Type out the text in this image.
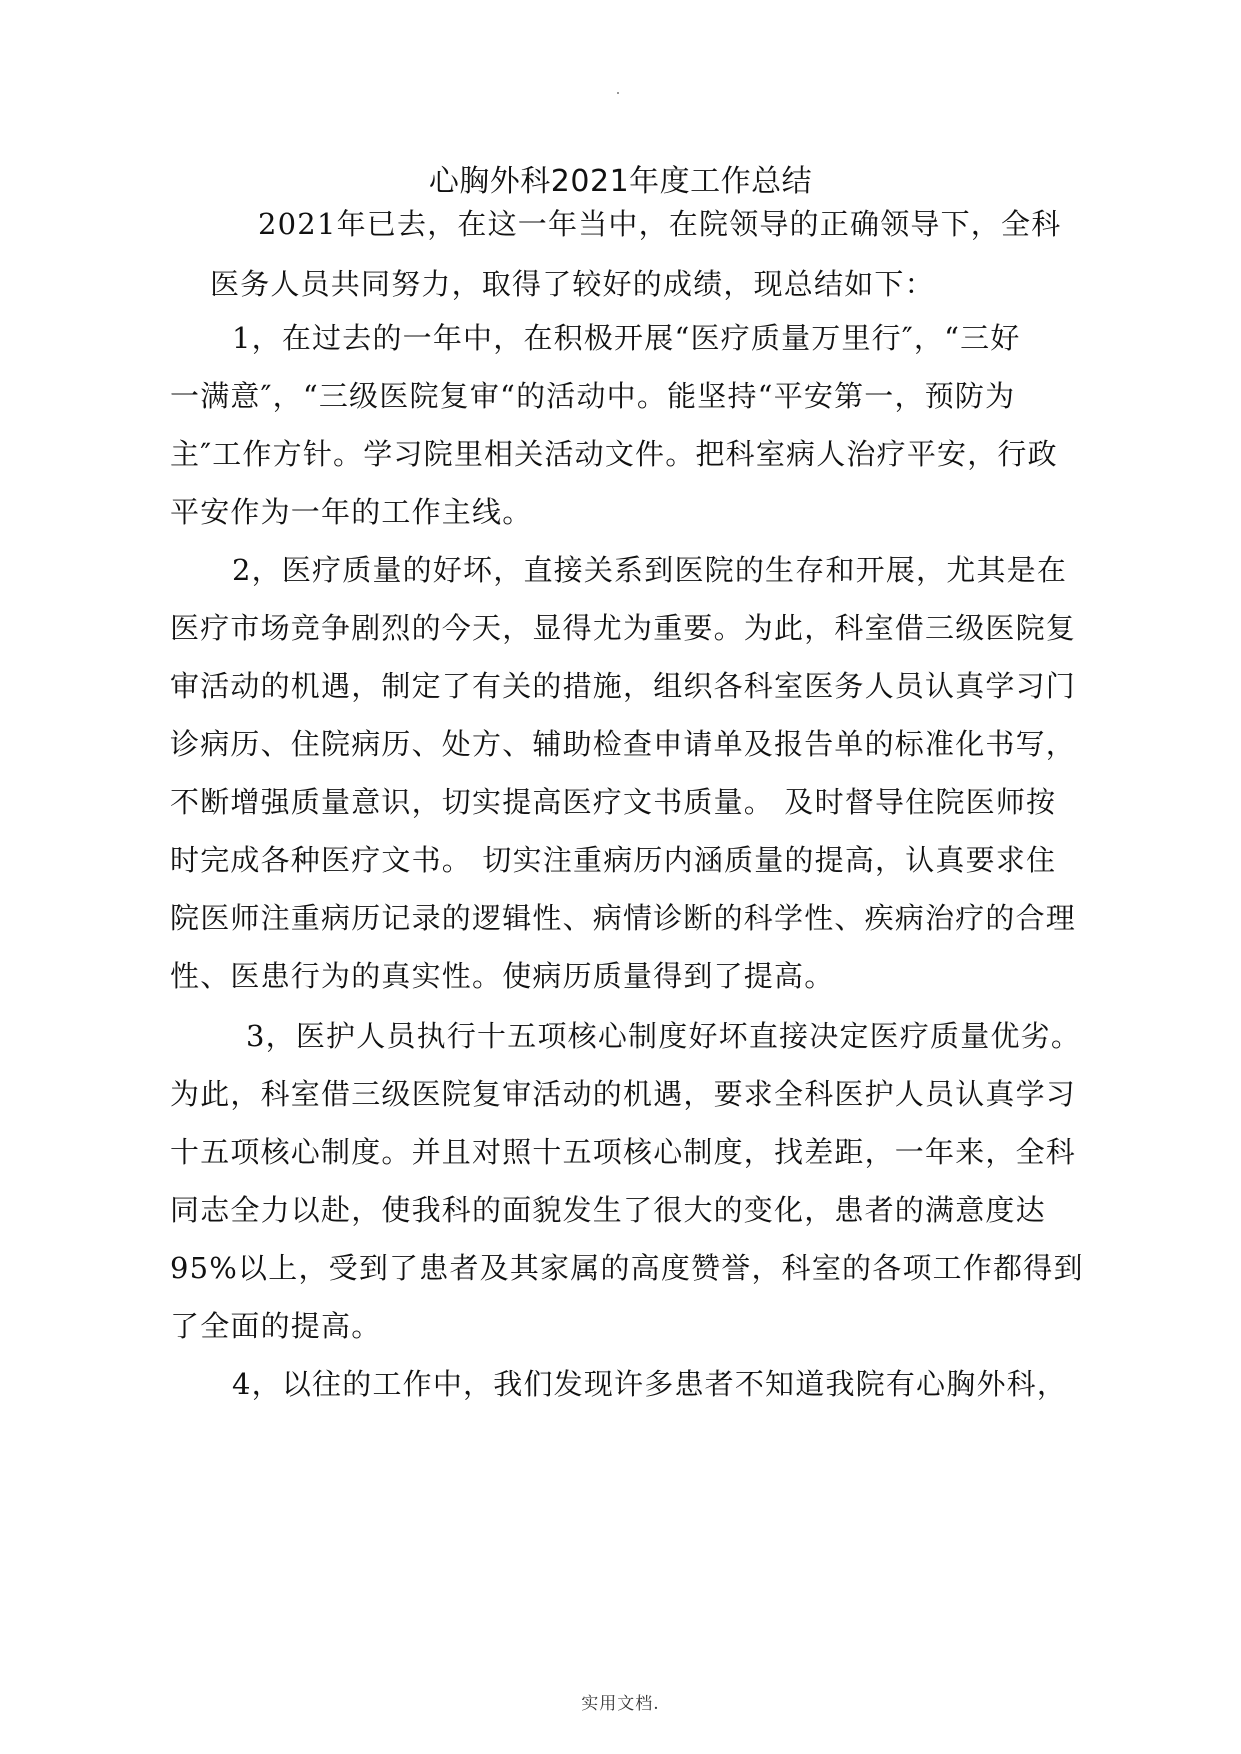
心胸外科2021年度工作总结
2021年已去，在这一年当中，在院领导的正确领导下，全科
医务人员共同努力，取得了较好的成绩，现总结如下：
1，在过去的一年中，在积极开展“医疗质量万里行″，“三好
一满意″，“三级医院复审“的活动中。能坚持“平安第一，预防为
主″工作方针。学习院里相关活动文件。把科室病人治疗平安，行政
平安作为一年的工作主线。
2，医疗质量的好坏，直接关系到医院的生存和开展，尤其是在
医疗市场竞争剧烈的今天，显得尤为重要。为此，科室借三级医院复
审活动的机遇，制定了有关的措施，组织各科室医务人员认真学习门
诊病历、住院病历、处方、辅助检查申请单及报告单的标准化书写，
不断增强质量意识，切实提高医疗文书质量。 及时督导住院医师按
时完成各种医疗文书。 切实注重病历内涵质量的提高，认真要求住
院医师注重病历记录的逻辑性、病情诊断的科学性、疾病治疗的合理
性、医患行为的真实性。使病历质量得到了提高。
3，医护人员执行十五项核心制度好坏直接决定医疗质量优劣。
为此，科室借三级医院复审活动的机遇，要求全科医护人员认真学习
十五项核心制度。并且对照十五项核心制度，找差距，一年来，全科
同志全力以赴，使我科的面貌发生了很大的变化，患者的满意度达
95%以上，受到了患者及其家属的高度赞誉，科室的各项工作都得到
了全面的提高。
4，以往的工作中，我们发现许多患者不知道我院有心胸外科，
实用文档.
